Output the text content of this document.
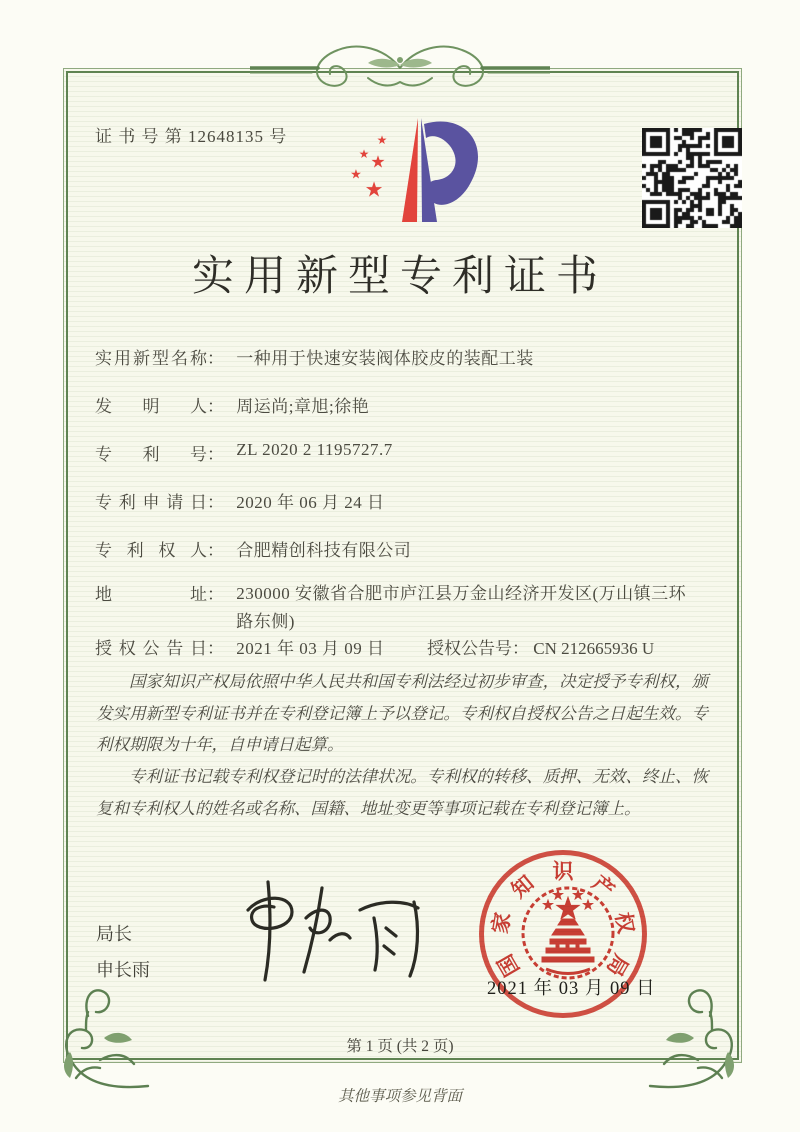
证 书 号 第 12648135 号	★
★ ★
★
★
实用新型专利证书
实用新型名称： 一种用于快速安装阀体胶皮的装配工装
发明人： 周运尚;章旭;徐艳
专利号： ZL 2020 2 1195727.7
专利申请日： 2020 年 06 月 24 日
专利权人： 合肥精创科技有限公司
地址： 230000 安徽省合肥市庐江县万金山经济开发区(万山镇三环路东侧)
授权公告日： 2021 年 03 月 09 日	授权公告号： CN 212665936 U

国家知识产权局依照中华人民共和国专利法经过初步审查，决定授予专利权，颁发实用新型专利证书并在专利登记簿上予以登记。专利权自授权公告之日起生效。专利权期限为十年，自申请日起算。

专利证书记载专利权登记时的法律状况。专利权的转移、质押、无效、终止、恢复和专利权人的姓名或名称、国籍、地址变更等事项记载在专利登记簿上。

局长
申长雨	国
家
知 识 产
权
局
2021 年 03 月 09 日
第 1 页 (共 2 页)
其他事项参见背面
